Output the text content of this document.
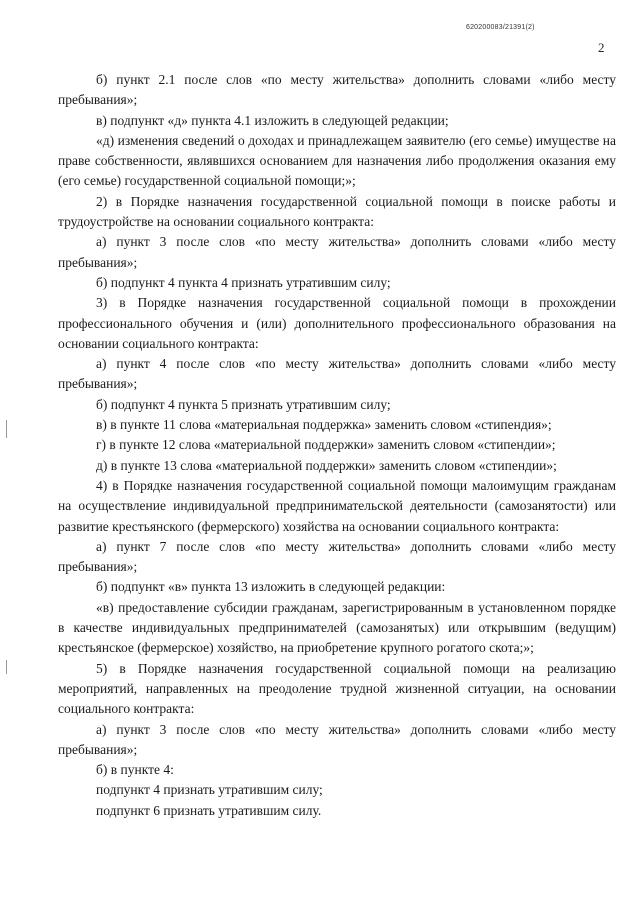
620200083/21391(2)
2

б) пункт 2.1 после слов «по месту жительства» дополнить словами «либо месту пребывания»;

в) подпункт «д» пункта 4.1 изложить в следующей редакции;

«д) изменения сведений о доходах и принадлежащем заявителю (его семье) имуществе на праве собственности, являвшихся основанием для назначения либо продолжения оказания ему (его семье) государственной социальной помощи;»;

2) в Порядке назначения государственной социальной помощи в поиске работы и трудоустройстве на основании социального контракта:

а) пункт 3 после слов «по месту жительства» дополнить словами «либо месту пребывания»;

б) подпункт 4 пункта 4 признать утратившим силу;

3) в Порядке назначения государственной социальной помощи в прохождении профессионального обучения и (или) дополнительного профессионального образования на основании социального контракта:

а) пункт 4 после слов «по месту жительства» дополнить словами «либо месту пребывания»;

б) подпункт 4 пункта 5 признать утратившим силу;

в) в пункте 11 слова «материальная поддержка» заменить словом «стипендия»;

г) в пункте 12 слова «материальной поддержки» заменить словом «стипендии»;

д) в пункте 13 слова «материальной поддержки» заменить словом «стипендии»;

4) в Порядке назначения государственной социальной помощи малоимущим гражданам на осуществление индивидуальной предпринимательской деятельности (самозанятости) или развитие крестьянского (фермерского) хозяйства на основании социального контракта:

а) пункт 7 после слов «по месту жительства» дополнить словами «либо месту пребывания»;

б) подпункт «в» пункта 13 изложить в следующей редакции:

«в) предоставление субсидии гражданам, зарегистрированным в установленном порядке в качестве индивидуальных предпринимателей (самозанятых) или открывшим (ведущим) крестьянское (фермерское) хозяйство, на приобретение крупного рогатого скота;»;

5) в Порядке назначения государственной социальной помощи на реализацию мероприятий, направленных на преодоление трудной жизненной ситуации, на основании социального контракта:

а) пункт 3 после слов «по месту жительства» дополнить словами «либо месту пребывания»;

б) в пункте 4:

подпункт 4 признать утратившим силу;

подпункт 6 признать утратившим силу.
